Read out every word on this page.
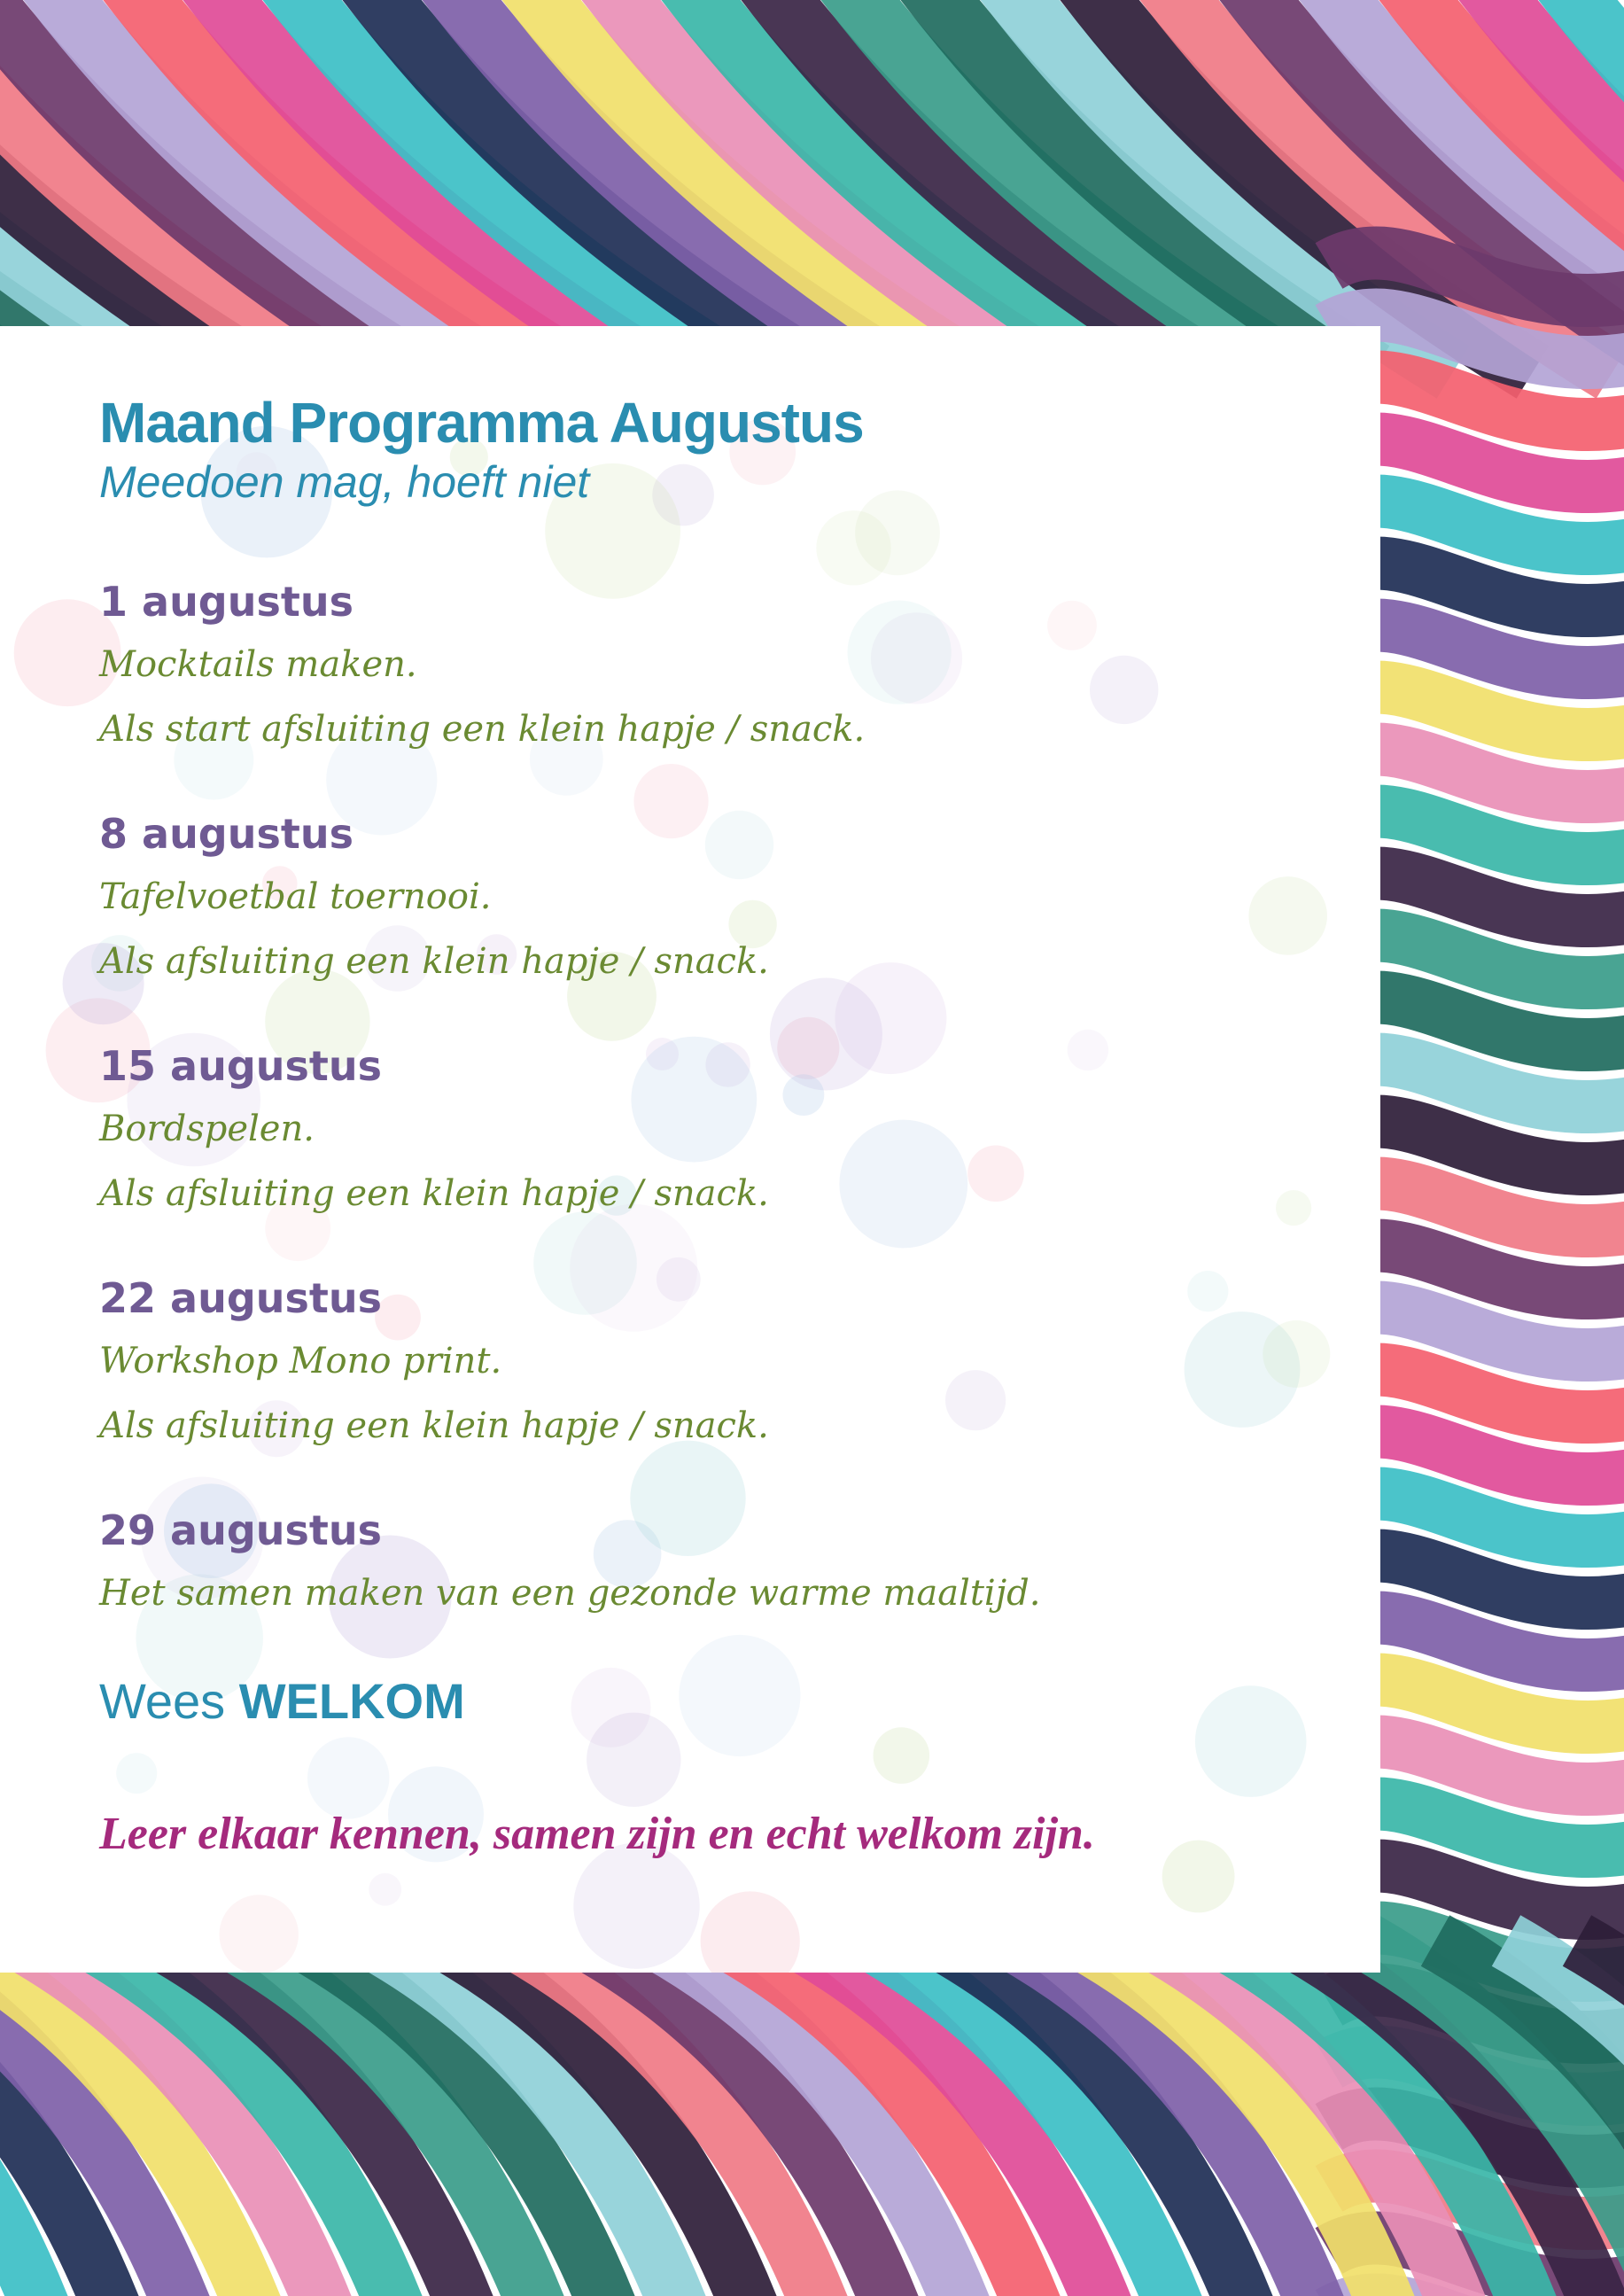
Maand Programma Augustus

Meedoen mag, hoeft niet

1 augustus

Mocktails maken.

Als start afsluiting een klein hapje / snack.

8 augustus

Tafelvoetbal toernooi.

Als afsluiting een klein hapje / snack.

15 augustus

Bordspelen.

Als afsluiting een klein hapje / snack.

22 augustus

Workshop Mono print.

Als afsluiting een klein hapje / snack.

29 augustus

Het samen maken van een gezonde warme maaltijd.

Wees WELKOM

Leer elkaar kennen, samen zijn en echt welkom zijn.
